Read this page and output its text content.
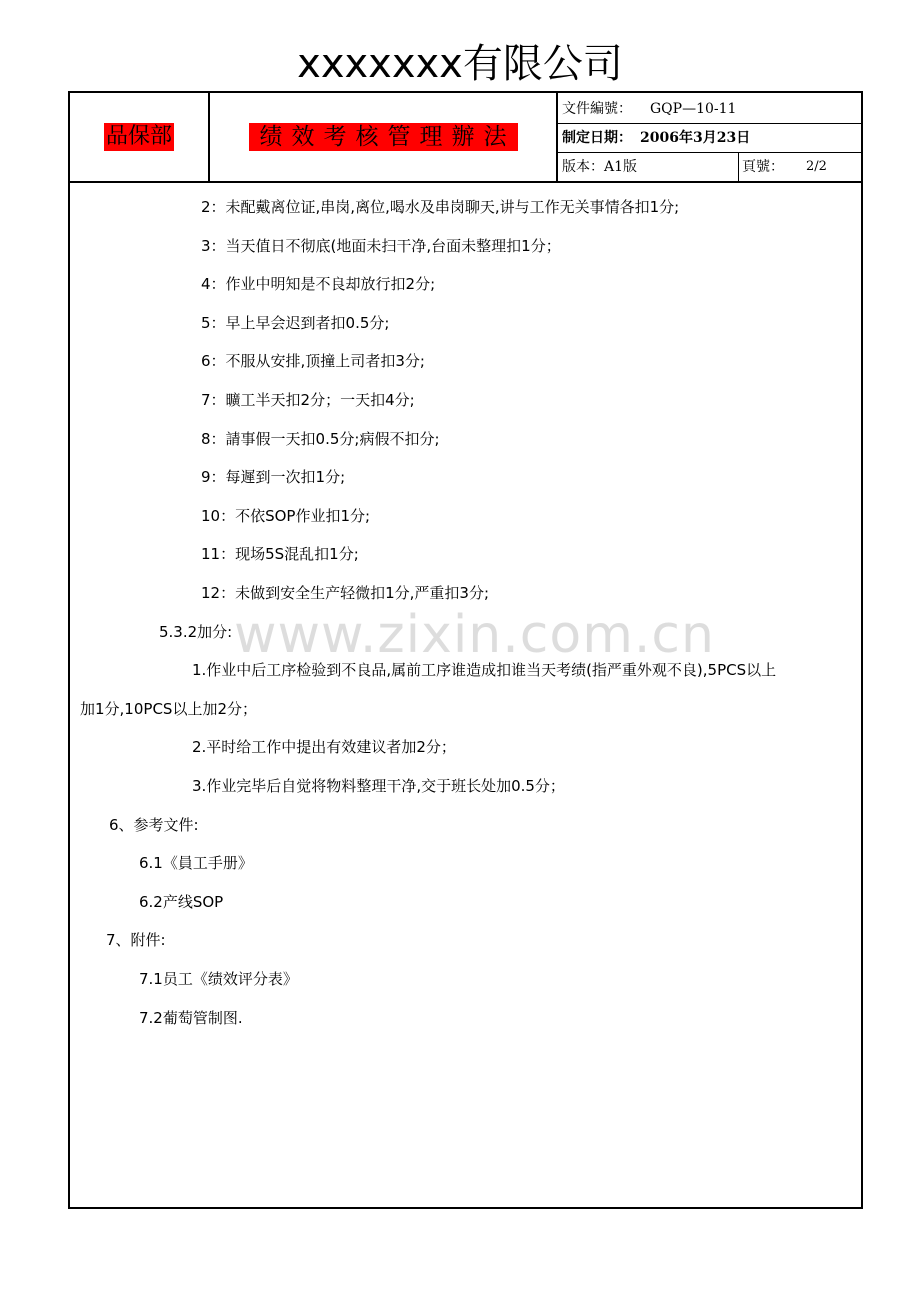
xxxxxxx有限公司
品保部	绩效考核管理辦法
文件編號： GQP—10-11
制定日期： 2006年3月23日
版本： A1版	頁號： 2/2
2：未配戴离位证,串岗,离位,喝水及串岗聊天,讲与工作无关事情各扣1分;
3：当天值日不彻底(地面未扫干净,台面未整理扣1分；
4：作业中明知是不良却放行扣2分;
5：早上早会迟到者扣0.5分;
6：不服从安排,顶撞上司者扣3分;
7：曠工半天扣2分；一天扣4分;
8：請事假一天扣0.5分;病假不扣分;
9：每遲到一次扣1分;
10：不依SOP作业扣1分;
11：现场5S混乱扣1分;
12：未做到安全生产轻微扣1分,严重扣3分;
www.zixin.com.cn
5.3.2加分:
1.作业中后工序检验到不良品,属前工序谁造成扣谁当天考绩(指严重外观不良),5PCS以上
加1分,10PCS以上加2分；
2.平时给工作中提出有效建议者加2分；
3.作业完毕后自觉将物料整理干净,交于班长处加0.5分；
6、参考文件:
6.1《員工手册》
6.2产线SOP
7、附件:
7.1员工《绩效评分表》
7.2葡萄管制图.
